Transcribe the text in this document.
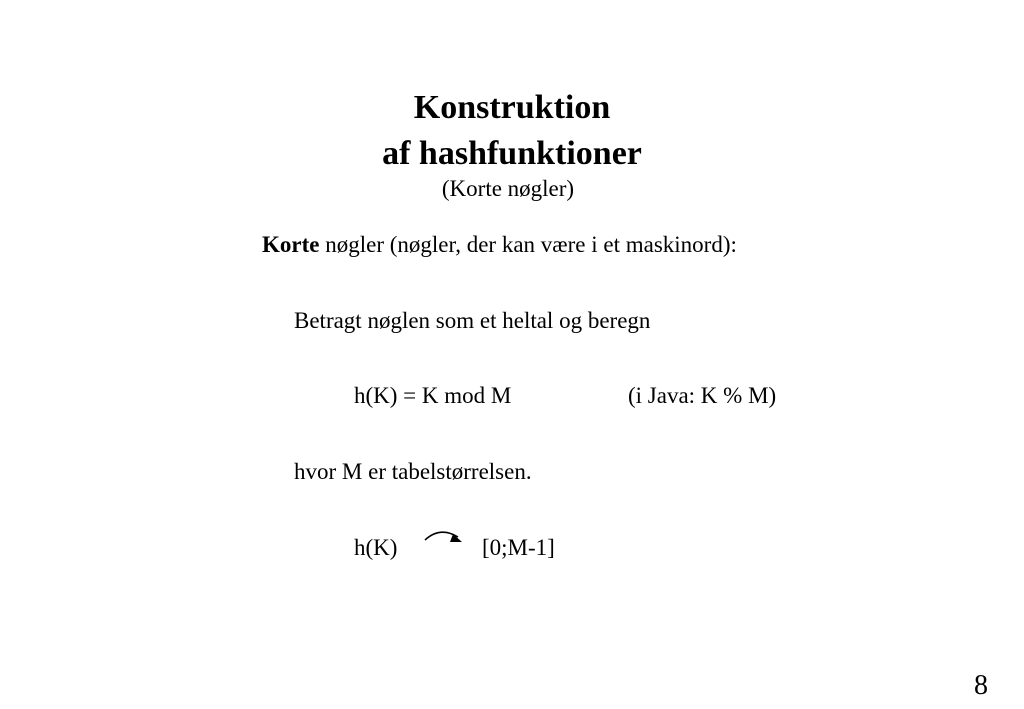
Konstruktion
af hashfunktioner
(Korte nøgler)
Korte nøgler (nøgler, der kan være i et maskinord):
Betragt nøglen som et heltal og beregn
h(K) = K mod M	(i Java: K % M)
hvor M er tabelstørrelsen.
h(K)	[0;M-1]
8
